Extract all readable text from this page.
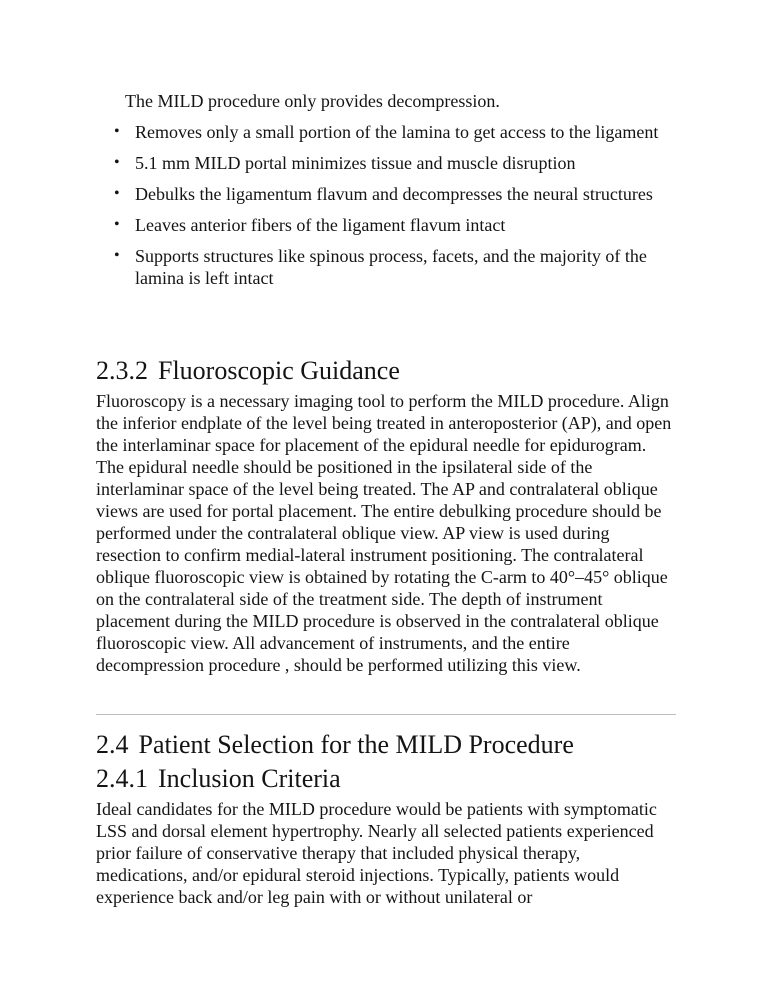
The MILD procedure only provides decompression.

• Removes only a small portion of the lamina to get access to the ligament
• 5.1 mm MILD portal minimizes tissue and muscle disruption
• Debulks the ligamentum flavum and decompresses the neural structures
• Leaves anterior fibers of the ligament flavum intact
• Supports structures like spinous process, facets, and the majority of the lamina is left intact
2.3.2 Fluoroscopic Guidance

Fluoroscopy is a necessary imaging tool to perform the MILD procedure. Align the inferior endplate of the level being treated in anteroposterior (AP), and open the interlaminar space for placement of the epidural needle for epidurogram. The epidural needle should be positioned in the ipsilateral side of the interlaminar space of the level being treated. The AP and contralateral oblique views are used for portal placement. The entire debulking procedure should be performed under the contralateral oblique view. AP view is used during resection to confirm medial-lateral instrument positioning. The contralateral oblique fluoroscopic view is obtained by rotating the C-arm to 40°–45° oblique on the contralateral side of the treatment side. The depth of instrument placement during the MILD procedure is observed in the contralateral oblique fluoroscopic view. All advancement of instruments, and the entire decompression procedure , should be performed utilizing this view.

2.4 Patient Selection for the MILD Procedure
2.4.1 Inclusion Criteria

Ideal candidates for the MILD procedure would be patients with symptomatic LSS and dorsal element hypertrophy. Nearly all selected patients experienced prior failure of conservative therapy that included physical therapy, medications, and/or epidural steroid injections. Typically, patients would experience back and/or leg pain with or without unilateral or
